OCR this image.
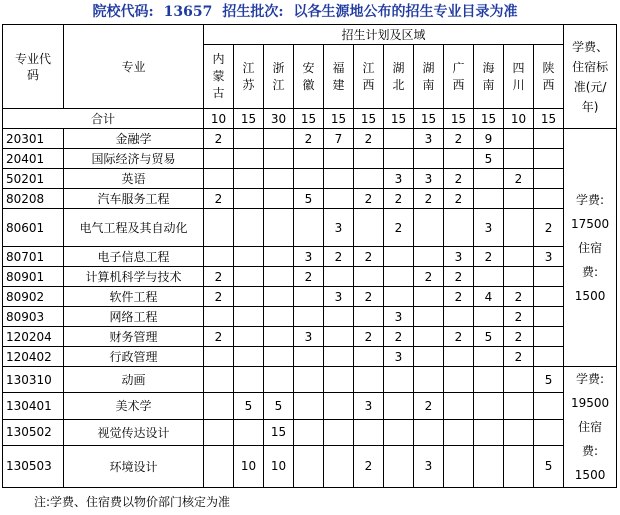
院校代码: 13657 招生批次: 以各生源地公布的招生专业目录为准
专业代码	专业	招生计划及区域												学费、住宿标准(元/年)
		内蒙古	江苏	浙江	安徽	福建	江西	湖北	湖南	广西	海南	四川	陕西	
合计		10	15	30	15	15	15	15	15	15	15	10	15	
20301	金融学	2			2	7	2		3	2	9			学费:
17500
住宿
费:
1500

20401	国际经济与贸易										5			
50201	英语							3	3	2		2		
80208	汽车服务工程	2			5		2	2	2	2				
80601	电气工程及其自动化					3		2			3		2	
80701	电子信息工程				3	2	2			3	2		3	
80901	计算机科学与技术	2			2				2	2				
80902	软件工程	2				3	2			2	4	2		
80903	网络工程							3				2		
120204	财务管理	2			3		2	2		2	5	2		
120402	行政管理							3				2		
130310	动画												5	学费:
19500
住宿
费:
1500

130401	美术学		5	5			3		2					
130502	视觉传达设计			15										
130503	环境设计		10	10			2		3				5	
注:学费、住宿费以物价部门核定为准
